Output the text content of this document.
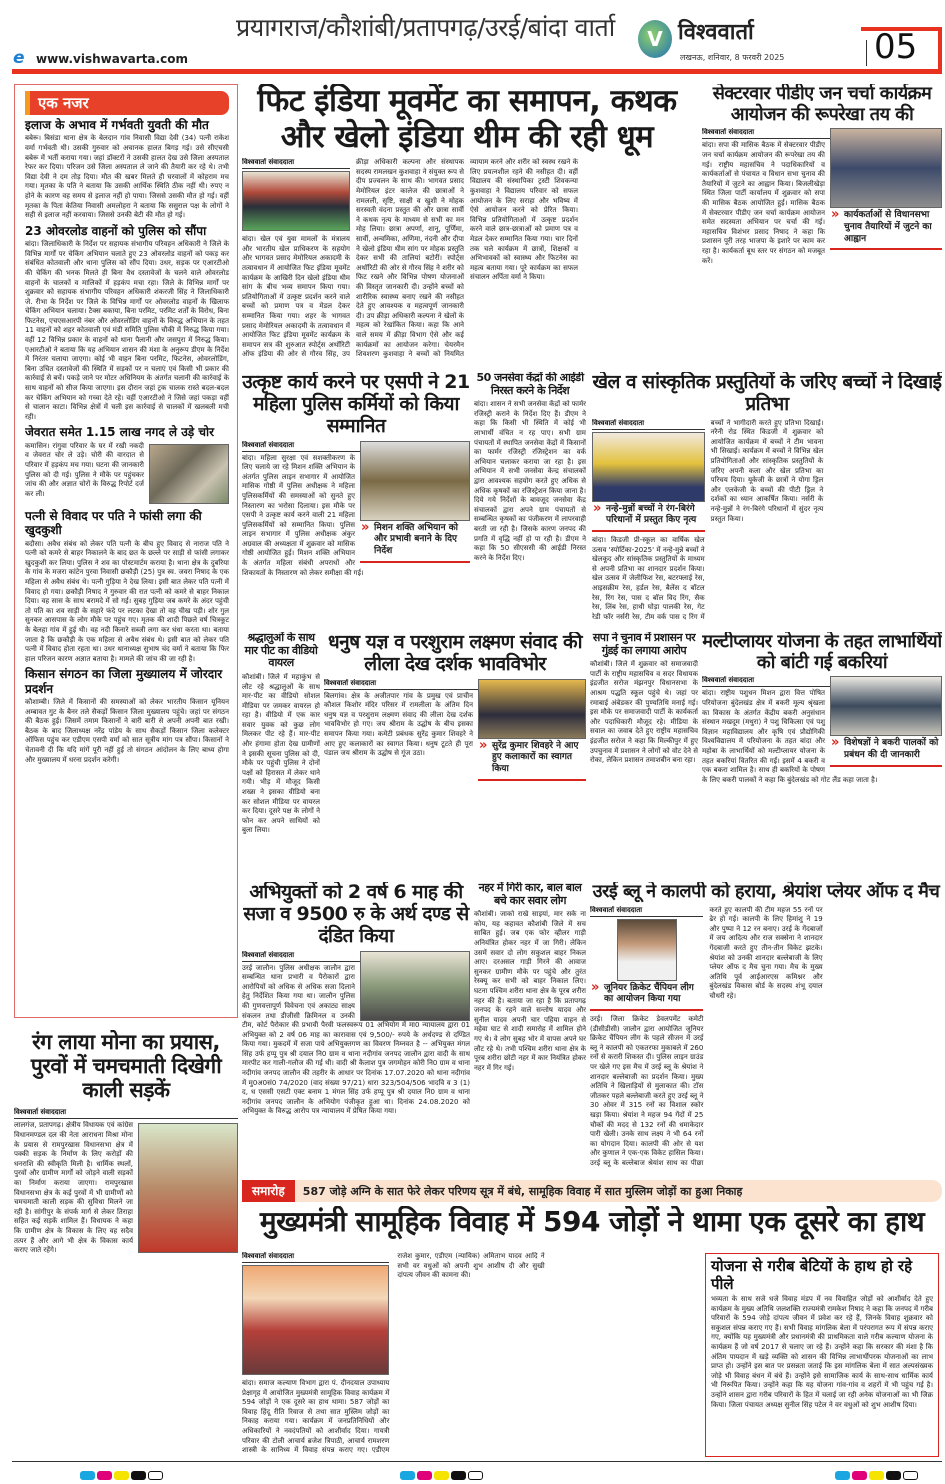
प्रयागराज/कौशांबी/प्रतापगढ़/उरई/बांदा वार्ता
e www.vishwavarta.com
V विश्ववार्ता
लखनऊ, शनिवार, 8 फरवरी 2025	05
एक नजर
इलाज के अभाव में गर्भवती युवती की मौत
बबेरू। बिसंडा थाना क्षेत्र के बेलदान गांव निवासी विद्या देवी (34) पत्नी राकेश वर्मा गर्भवती थी। उसकी गुरुवार को अचानक हालत बिगड़ गई। उसे सीएचसी बबेरू में भर्ती कराया गया। जहां डॉक्टरों ने उसकी हालत देख उसे जिला अस्पताल रेफर कर दिया। परिजन उसे जिला अस्पताल ले जाने की तैयारी कर रहे थे। तभी विद्या देवी ने दम तोड़ दिया। मौत की खबर मिलते ही घरवालों में कोहराम मच गया। मृतका के पति ने बताया कि उसकी आर्थिक स्थिति ठीक नहीं थी। रुपए न होने के कारण वह समय से इलाज नहीं हो पाया। जिससे उसकी मौत हो गई। वहीं मृतका के पिता केतिया निवासी अमलोहरा ने बताया कि ससुराल पक्ष के लोगों ने सही से इलाज नहीं करवाया। जिससे उनकी बेटी की मौत हो गई।
23 ओवरलोड वाहनों को पुलिस को सौंपा
बांदा। जिलाधिकारी के निर्देश पर सहायक संभागीय परिवहन अधिकारी ने जिले के विभिन्न मार्गों पर चेकिंग अभियान चलाते हुए 23 ओवरलोड वाहनों को पकड़ कर संबंधित कोतवाली और थाना पुलिस को सौंप दिया। उधर, सड़क पर एआरटीओ की चेकिंग की भनक मिलते ही बिना वैध दस्तावेजों के चलने वाले ओवरलोड वाहनों के चालकों व मालिकों में हड़कंप मचा रहा। जिले के विभिन्न मार्गों पर शुक्रवार को सहायक संभागीय परिवहन अधिकारी शंकरजी सिंह ने जिलाधिकारी जे. रीभा के निर्देश पर जिले के विभिन्न मार्गों पर ओवरलोड वाहनों के खिलाफ चेकिंग अभियान चलाया। टैक्स बकाया, बिना परमिट, परमिट शर्तों के विरोध, बिना फिटनेस, एचएसआरपी नंबर और ओवरलोडिंग वाहनों के विरुद्ध अभियान के तहत 11 वाहनों को शहर कोतवाली एवं मंडी समिति पुलिस चौकी में निरुद्ध किया गया। वहीं 12 विभिन्न प्रकार के वाहनों को थाना पैलानी और जसपुरा में निरुद्ध किया। एआरटीओ ने बताया कि यह अभियान शासन की मंशा के अनुरूप डीएम के निर्देश में निरंतर चलाया जाएगा। कोई भी वाहन बिना परमिट, फिटनेस, ओवरलोडिंग, बिना उचित दस्तावेजों की स्थिति में सड़कों पर न चलाएं एवं किसी भी प्रकार की कार्रवाई से बचें। पकड़े जाने पर मोटर अधिनियम के अंतर्गत चलानी की कार्रवाई के साथ वाहनों को सीज किया जाएगा। इस दौरान जहां ट्रक चालक रास्ते बदल-बदल कर चेकिंग अभियान को गच्चा देते रहे। वहीं एआरटीओ ने जिसे जहां पकड़ा वहीं से चालान काटा। विभिन्न क्षेत्रों में चली इस कार्रवाई से चालकों में खलबली मची रही।
जेवरात समेत 1.15 लाख नगद ले उड़े चोर
कमासिन। रांगुवा परिवार के घर में रखी नकदी व जेवरात चोर ले उड़े। चोरी की वारदात से परिवार में हड़कंप मच गया। घटना की जानकारी पुलिस को दी गई। पुलिस ने मौके पर पहुंचकर जांच की और अज्ञात चोरों के विरुद्ध रिपोर्ट दर्ज कर ली।
पत्नी से विवाद पर पति ने फांसी लगा की खुदकुशी
बदौसा। अवैध संबंध को लेकर पति पत्नी के बीच हुए विवाद से नाराज पति ने पत्नी को कमरे से बाहर निकालने के बाद छत के छल्ले पर साड़ी से फांसी लगाकर खुदकुशी कर लिया। पुलिस ने शव का पोस्टमार्टम कराया है। थाना क्षेत्र के दुबरिया के गांव के मजरा कांटेन पुरवा निवासी छकौड़ी (25) पुत्र स्व. जवरा निषाद के एक महिला से अवैध संबंध थे। पत्नी गुड़िया ने देख लिया। इसी बात लेकर पति पत्नी में विवाद हो गया। छकौड़ी निषाद ने गुरुवार की रात पत्नी को कमरे से बाहर निकाल दिया। वह सास के साथ बरामदे में सो गई। सुबह गुड़िया जब कमरे के अंदर पहुंची तो पति का शव साड़ी के सहारे फंदे पर लटका देखा तो वह चीख पड़ी। शोर गुल सुनकर आसपास के लोग मौके पर पहुंच गए। मृतक की शादी पिछले वर्ष चित्रकूट के बेलहा गांव में हुई थी। वह नदी किनारे सब्जी लगा कर धंधा करता था। बताया जाता है कि छकौड़ी के एक महिला से अवैध संबंध थे। इसी बात को लेकर पति पत्नी में विवाद होता रहता था। उधर थानाध्यक्ष सुभाष चंद वर्मा ने बताया कि फिर हाल परिजन कारण अज्ञात बताया है। मामले की जांच की जा रही है।
किसान संगठन का जिला मुख्यालय में जोरदार प्रदर्शन
कौशाम्बी। जिले में किसानों की समस्याओं को लेकर भारतीय किसान यूनियन अम्बावत गुट के बैनर तले सैकड़ों किसान जिला मुख्यालय पहुंचे। जहां पर संगठन की बैठक हुई। जिसमें तमाम किसानों ने बारी बारी से अपनी अपनी बात रखी। बैठक के बाद जिलाध्यक्ष नरेंद्र पांडेय के साथ सैकड़ों किसान जिला कलेक्टर ऑफिस पहुंच कर एडीएम एसपी वर्मा को सात सूत्रीय मांग पत्र सौंपा। किसानों ने चेतावनी दी कि यदि मांगें पूरी नहीं हुई तो संगठन आंदोलन के लिए बाध्य होगा और मुख्यालय में धरना प्रदर्शन करेगी।
रंग लाया मोना का प्रयास, पुरवों में चमचमाती दिखेगी काली सड़कें
विश्ववार्ता संवाददाता
लालगंज, प्रतापगढ़। क्षेत्रीय विधायक एवं कांग्रेस विधानमण्डल दल की नेता आराधना मिश्रा मोना के प्रयास से रामपुरखास विधानसभा क्षेत्र में पक्की सड़क के निर्माण के लिए करोड़ों की धनराशि की स्वीकृति मिली है। धार्मिक स्थलों, पुरवों और ग्रामीण मार्गों को जोड़ने वाली सड़कों का निर्माण कराया जाएगा। रामपुरखास विधानसभा क्षेत्र के कई पुरवों में भी ग्रामीणों को चमचमाती काली सड़क की सुविधा मिलने जा रही है। सांगीपुर के संपर्क मार्ग से लेकर तिराहा सहित कई सड़कें शामिल हैं। विधायक ने कहा कि ग्रामीण क्षेत्र के विकास के लिए वह सदैव तत्पर हैं और आगे भी क्षेत्र के विकास कार्य कराए जाते रहेंगे।
फिट इंडिया मूवमेंट का समापन, कथक और खेलो इंडिया थीम की रही धूम
विश्ववार्ता संवाददाता
बांदा। खेल एवं युवा मामलों के मंत्रालय और भारतीय खेल प्राधिकरण के सहयोग और भागवत प्रसाद मेमोरियल अकादमी के तत्वावधान में आयोजित फिट इंडिया मूवमेंट कार्यक्रम के आखिरी दिन खेलो इंडिया थीम सांग के बीच भव्य समापन किया गया। प्रतियोगिताओं में उत्कृष्ट प्रदर्शन करने वाले बच्चों को प्रमाण पत्र व मेडल देकर सम्मानित किया गया। शहर के भागवत प्रसाद मेमोरियल अकादमी के तत्वावधान में आयोजित फिट इंडिया मूवमेंट कार्यक्रम के समापन सत्र की शुरुआत स्पोर्ट्स अथॉरिटी ऑफ इंडिया की ओर से गौरव सिंह, उप क्रीड़ा अधिकारी कल्पना और संस्थापक सदस्य रामलखन कुशवाहा ने संयुक्त रूप से दीप प्रज्वलन के साथ की। भागवत प्रसाद मेमोरियल इंटर कालेज की छात्राओं ने रामलली, सृष्टि, साक्षी व खुशी ने मोहक सरस्वती वंदना प्रस्तुत की और छात्रा सार्वी ने कथक नृत्य के माध्यम से सभी का मन मोह लिया। छात्रा अपर्णा, शानू, पूर्णिमा, सार्वी, अन्वमिका, अणिमा, नंदनी और दीपा ने खेलो इंडिया थीम सांग पर मोहक प्रस्तुति देकर सभी की तालियां बटोरीं। स्पोर्ट्स अथॉरिटी की ओर से गौरव सिंह ने शरीर को फिट रखने और विभिन्न पोषण योजनाओं की विस्तृत जानकारी दी। उन्होंने बच्चों को शारीरिक स्वास्थ्य बनाए रखने की नसीहत देते हुए आवश्यक व महत्वपूर्ण जानकारी दी। उप क्रीड़ा अधिकारी कल्पना ने खेलों के महत्व को रेखांकित किया। कहा कि आने वाले समय में क्रीड़ा विभाग ऐसे और कई कार्यक्रमों का आयोजन करेगा। चेयरमैन शिवशरण कुशवाहा ने बच्चों को नियमित व्यायाम करने और शरीर को स्वस्थ रखने के लिए प्रयत्नशील रहने की नसीहत दी। वहीं विद्यालय की संस्थापिका ट्रस्टी शिवकन्या कुशवाहा ने विद्यालय परिवार को सफल आयोजन के लिए सराहा और भविष्य में ऐसे आयोजन करने को प्रेरित किया। विभिन्न प्रतियोगिताओं में उत्कृष्ट प्रदर्शन करने वाले छात्र-छात्राओं को प्रमाण पत्र व मेडल देकर सम्मानित किया गया। चार दिनों तक चले कार्यक्रम में छात्रों, शिक्षकों व अभिभावकों को स्वास्थ्य और फिटनेस का महत्व बताया गया। पूरे कार्यक्रम का सफल संचालन अर्पिता वर्मा ने किया।
सेक्टरवार पीडीए जन चर्चा कार्यक्रम आयोजन की रूपरेखा तय की
» कार्यकर्ताओं से विधानसभा चुनाव तैयारियों में जुटने का आह्वान
विश्ववार्ता संवाददाता
बांदा। सपा की मासिक बैठक में सेक्टरवार पीडीए जन चर्चा कार्यक्रम आयोजन की रूपरेखा तय की गई। राष्ट्रीय महासचिव ने पदाधिकारियों व कार्यकर्ताओं से पंचायत व विधान सभा चुनाव की तैयारियों में जुटने का आह्वान किया। बिजलीखेड़ा स्थित जिला पार्टी कार्यालय में शुक्रवार को सपा की मासिक बैठक आयोजित हुई। मासिक बैठक में सेक्टरवार पीडीए जन चर्चा कार्यक्रम आयोजन समेत सदस्यता अभियान पर चर्चा की गई। महासचिव विशंभर प्रसाद निषाद ने कहा कि प्रशासन पूरी तरह भाजपा के इशारे पर काम कर रहा है। कार्यकर्ता बूथ स्तर पर संगठन को मजबूत करें।
उत्कृष्ट कार्य करने पर एसपी ने 21 महिला पुलिस कर्मियों को किया सम्मानित
» मिशन शक्ति अभियान को और प्रभावी बनाने के दिए निर्देश
विश्ववार्ता संवाददाता
बांदा। महिला सुरक्षा एवं सशक्तीकरण के लिए चलाये जा रहे मिशन शक्ति अभियान के अंतर्गत पुलिस लाइन सभागार में आयोजित मासिक गोष्ठी में पुलिस अधीक्षक ने महिला पुलिसकर्मियों की समस्याओं को सुनते हुए निस्तारण का भरोसा दिलाया। इस मौके पर एसपी ने उत्कृष्ट कार्य करने वाली 21 महिला पुलिसकर्मियों को सम्मानित किया। पुलिस लाइन सभागार में पुलिस अधीक्षक अंकुर अग्रवाल की अध्यक्षता में शुक्रवार को मासिक गोष्ठी आयोजित हुई। मिशन शक्ति अभियान के अंतर्गत महिला संबंधी अपराधों और शिकायतों के निस्तारण को लेकर समीक्षा की गई।
50 जनसेवा केंद्रों की आईडी निरस्त करने के निर्देश
बांदा। शासन ने सभी जनसेवा केंद्रों को फार्मर रजिस्ट्री कराने के निर्देश दिए हैं। डीएम ने कहा कि किसी भी स्थिति में कोई भी लाभार्थी वंचित न रह पाए। सभी ग्राम पंचायतों में स्थापित जनसेवा केंद्रों में किसानों का फार्मर रजिस्ट्री रजिस्ट्रेशन का वर्क अभियान चलाकर कराया जा रहा है। इस अभियान में सभी जनसेवा केन्द्र संचालकों द्वारा आवश्यक सहयोग करते हुए अधिक से अधिक कृषकों का रजिस्ट्रेशन किया जाना है। दिये गये निर्देशों के बावजूद जनसेवा केंद्र संचालकों द्वारा अपने ग्राम पंचायतों से सम्बन्धित कृषकों का पंजीकरण में लापरवाही बरती जा रही है। जिसके कारण जनपद की प्रगति में वृद्धि नहीं हो पा रही है। डीएम ने कहा कि 50 सीएससी की आईडी निरस्त करने के निर्देश दिए।
खेल व सांस्कृतिक प्रस्तुतियों के जरिए बच्चों ने दिखाई प्रतिभा
विश्ववार्ता संवाददाता
» नन्हे-मुन्नों बच्चों ने रंग-बिरंगे परिधानों में प्रस्तुत किए नृत्य
बांदा। किडजी प्री-स्कूल का वार्षिक खेल उत्सव 'स्पोर्टिका-2025' में नन्हे-मुन्ने बच्चों ने खेलकूद और सांस्कृतिक प्रस्तुतियों के माध्यम से अपनी प्रतिभा का शानदार प्रदर्शन किया। खेल उत्सव में जेलीफिश रेस, बटरफ्लाई रेस, आइसक्रीम रेस, हर्डल रेस, बैलेंस द बॉटल रेस, रिंग रेस, पास द बॉल विद रिंग, सैक रेस, लिंब रेस, हाथी घोड़ा पालकी रेस, गेट रेडी फॉर नर्सरी रेस, टीम वर्क पास द रिंग में बच्चों ने भागीदारी करते हुए प्रतिभा दिखाई। नरैनी रोड स्थित किडजी में शुक्रवार को आयोजित कार्यक्रम में बच्चों ने टीम भावना भी सिखाई। कार्यक्रम में बच्चों ने विभिन्न खेल प्रतियोगिताओं और सांस्कृतिक प्रस्तुतियों के जरिए अपनी कला और खेल प्रतिभा का परिचय दिया। यूकेजी के छात्रों ने योगा ड्रिल और एलकेजी के बच्चों की पीटी ड्रिल ने दर्शकों का ध्यान आकर्षित किया। नर्सरी के नन्हे-मुन्नों ने रंग-बिरंगे परिधानों में सुंदर नृत्य प्रस्तुत किया।
श्रद्धालुओं के साथ मार पीट का वीडियो वायरल
कौशांबी। जिले में महाकुंभ से लौट रहे श्रद्धालुओं के साथ मार-पीट का वीडियो सोशल मीडिया पर जमकर वायरल हो रहा है। वीडियो में एक कार सवार युवक को कुछ लोग मिलकर पीट रहे हैं। मार-पीट और हंगामा होता देख ग्रामीणों ने इसकी सूचना पुलिस को दी, मौके पर पहुंची पुलिस ने दोनों पक्षों को हिरासत में लेकर थाने गयी। भीड़ में मौजूद किसी शख्स ने इसका वीडियो बना कर सोशल मीडिया पर वायरल कर दिया। दूसरे पक्ष के लोगों ने फोन कर अपने साथियों को बुला लिया।
धनुष यज्ञ व परशुराम लक्ष्मण संवाद की लीला देख दर्शक भावविभोर
» सुरेंद्र कुमार शिवहरे ने आए हुए कलाकारों का स्वागत किया
विश्ववार्ता संवाददाता
बिलगांव। क्षेत्र के अजीतपार गांव के प्रमुख एवं प्राचीन कौशल किशोर मंदिर परिसर में रामलीला के अंतिम दिन धनुष यज्ञ व परशुराम लक्ष्मण संवाद की लीला देख दर्शक भावविभोर हो गए। जय श्रीराम के उद्घोष के बीच इसका समापन किया गया। कमेटी प्रबंधक सुरेंद्र कुमार शिवहरे ने आए हुए कलाकारों का स्वागत किया। धनुष टूटते ही पूरा पंडाल जय श्रीराम के उद्घोष से गूंज उठा।
सपा ने चुनाव में प्रशासन पर गुंडई का लगाया आरोप
कौशांबी। जिले में शुक्रवार को समाजवादी पार्टी के राष्ट्रीय महासचिव व सदर विधायक इंद्रजीत सरोज मंझनपुर विधानसभा के आश्रम पद्धति स्कूल पहुंचे थे। जहां पर रमाबाई अंबेडकर की पुण्यतिथि मनाई गई। इस मौके पर समाजवादी पार्टी के कार्यकर्ता और पदाधिकारी मौजूद रहे। मीडिया के सवाल का जवाब देते हुए राष्ट्रीय महासचिव इंद्रजीत सरोज ने कहा कि मिल्कीपुर में हुए उपचुनाव में प्रशासन ने लोगों को वोट देने से रोका, लेकिन प्रशासन तमाशबीन बना रहा।
मल्टीप्लायर योजना के तहत लाभार्थियों को बांटी गई बकरियां
» विशेषज्ञों ने बकरी पालकों को प्रबंधन की दी जानकारी
विश्ववार्ता संवाददाता
बांदा। राष्ट्रीय पशुधन मिशन द्वारा वित्त पोषित परियोजना बुंदेलखंड क्षेत्र में बकरी मूल्य श्रृंखला का विकास के अंतर्गत केंद्रीय बकरी अनुसंधान संस्थान मखदूम (मथुरा) ने पशु चिकित्सा एवं पशु विज्ञान महाविद्यालय और कृषि एवं प्रौद्योगिकी विश्वविद्यालय में परियोजना के तहत बांदा और महोबा के लाभार्थियों को मल्टीप्लायर योजना के तहत बकरियां वितरित की गईं। इसमें 4 बकरी व एक बकरा शामिल है। साथ ही बकरियों के पोषण के लिए बकरी पालकों ने कहा कि बुंदेलखंड को गोट लैंड कहा जाता है।
अभियुक्तों को 2 वर्ष 6 माह की सजा व 9500 रु के अर्थ दण्ड से दंडित किया
विश्ववार्ता संवाददाता
उरई जालौन। पुलिस अधीक्षक जालौन द्वारा सम्बन्धित थाना प्रभारी व पैरोकारों द्वारा आरोपियों को अधिक से अधिक सजा दिलाने हेतु निर्देशित किया गया था। जालौन पुलिस की गुणवत्तापूर्ण विवेचना एवं अकाट्य साक्ष्य संकलन तथा डीजीसी क्रिमिनल व उनकी टीम, कोर्ट पैरोकार की प्रभावी पैरवी फलस्वरूप 01 अभियोग में मा0 न्यायालय द्वारा 01 अभियुक्त को 2 वर्ष 06 माह का कारावास एवं 9,500/- रुपये के अर्थदण्ड से दण्डित किया गया। मुकदमें में सजा पाये अभियुक्तगण का विवरण निम्नवत है -- अभियुक्त मंगल सिंह उर्फ हप्पू पुत्र श्री दयाल नि0 ग्राम व थाना नदीगांव जनपद जालौन द्वारा वादी के साथ मारपीट कर गाली-गलौज की गई थी। वादी श्री कैलाश पुत्र जगमोहन कोरी नि0 ग्राम व थाना नदीगांव जनपद जालौन की तहरीर के आधार पर दिनांक 17.07.2020 को थाना नदीगांव में मु0अ0सं0 74/2020 (वाद संख्या 97/21) धारा 323/504/506 भादवि व 3 (1) द, ध एससी एसटी एक्ट बनाम 1 मंगल सिंह उर्फ हप्पू पुत्र श्री दयाल नि0 ग्राम व थाना नदीगांव जनपद जालौन के अभियोग पंजीकृत हुआ था। दिनांक 24.08.2020 को अभियुक्त के विरुद्ध आरोप पत्र न्यायालय में प्रेषित किया गया।
नहर में गिरी कार, बाल बाल बचे कार सवार लोग
कौशांबी। जाको राखे साइयां, मार सके ना कोय, यह कहावत कौशांबी जिले में सच साबित हुई। जब एक फोर व्हीलर गाड़ी अनियंत्रित होकर नहर में जा गिरी। लेकिन उसमें सवार दो लोग सकुशल बाहर निकल आए। दरअसल गाड़ी गिरने की आवाज सुनकर ग्रामीण मौके पर पहुंचे और तुरंत रेस्क्यू कर सभी को बाहर निकाल लिए। घटना पश्चिम शरीरा थाना क्षेत्र के पूरब शरीरा नहर की है। बताया जा रहा है कि प्रतापगढ़ जनपद के रहने वाले सन्तोष यादव और सुनील यादव अपनी चार पहिया वाहन से महेवा घाट से शादी समारोह में शामिल होने गए थे। वे लोग सुबह भोर में वापस अपने घर लौट रहे थे। तभी पश्चिम शरीरा थाना क्षेत्र के पूरब शरीरा छोटी नहर में कार नियंत्रित होकर नहर में गिर गई।
उरई ब्लू ने कालपी को हराया, श्रेयांश प्लेयर ऑफ द मैच
विश्ववार्ता संवाददाता
» जूनियर क्रिकेट चैंपियन लीग का आयोजन किया गया
उरई। जिला क्रिकेट डेवलपमेंट कमेटी (डीसीडीसी) जालौन द्वारा आयोजित जूनियर क्रिकेट चैंपियन लीग के पहले सीजन में उरई ब्लू ने कालपी को एकतरफा मुकाबले में 260 रनों से करारी शिकस्त दी। पुलिस लाइन ग्राउंड पर खेले गए इस मैच में उरई ब्लू के श्रेयांश ने शानदार बल्लेबाजी का प्रदर्शन किया। मुख्य अतिथि ने खिलाड़ियों से मुलाकात की। टॉस जीतकर पहले बल्लेबाजी करते हुए उरई ब्लू ने 30 ओवर में 315 रनों का विशाल स्कोर खड़ा किया। श्रेयांश ने महज 94 गेंदों में 25 चौकों की मदद से 132 रनों की धमाकेदार पारी खेली। उनके साथ लक्ष्य ने भी 64 रनों का योगदान दिया। कालपी की ओर से यश और कुणाल ने एक-एक विकेट हासिल किया। उरई ब्लू के बल्लेबाज श्रेयांश साथ का पीछा करते हुए कालपी की टीम महज 55 रनों पर ढेर हो गई। कालपी के लिए हिमांशु ने 19 और पुष्पा ने 12 रन बनाए। उरई के गेंदबाजों में जय आदित्य और राज सक्सेना ने शानदार गेंदबाजी करते हुए तीन-तीन विकेट झटके। श्रेयांश को उनकी शानदार बल्लेबाजी के लिए प्लेयर ऑफ द मैच चुना गया। मैच के मुख्य अतिथि पूर्व आईआरएस कमिश्नर और बुंदेलखंड विकास बोर्ड के सदस्य शंभू दयाल चौधरी रहे।
समारोह	587 जोड़े अग्नि के सात फेरे लेकर परिणय सूत्र में बंधे, सामूहिक विवाह में सात मुस्लिम जोड़ों का हुआ निकाह
मुख्यमंत्री सामूहिक विवाह में 594 जोड़ों ने थामा एक दूसरे का हाथ
विश्ववार्ता संवाददाता
बांदा। समाज कल्याण विभाग द्वारा पं. दीनदयाल उपाध्याय प्रेक्षागृह में आयोजित मुख्यमंत्री सामूहिक विवाह कार्यक्रम में 594 जोड़ों ने एक दूसरे का हाथ थामा। 587 जोड़ों का विवाह हिंदू रीति रिवाज से तथा सात मुस्लिम जोड़ों का निकाह कराया गया। कार्यक्रम में जनप्रतिनिधियों और अधिकारियों ने नवदंपतियों को आशीर्वाद दिया। गायत्री परिवार की टोली आचार्य ब्रजेश त्रिपाठी, आचार्य रामशरण शास्त्री के सानिध्य में विवाह संपन्न कराए गए। एडीएम राजेश कुमार, एडीएम (न्यायिक) अमिताभ यादव आदि ने सभी वर वधुओं को अपनी शुभ आशीष दी और सुखी दांपत्य जीवन की कामना की।
योजना से गरीब बेटियों के हाथ हो रहे पीले
भव्यता के साथ सजे धजे विवाह मंडप में नव विवाहित जोड़ों को आशीर्वाद देते हुए कार्यक्रम के मुख्य अतिथि जलशक्ति राज्यमंत्री रामकेश निषाद ने कहा कि जनपद में गरीब परिवारों के 594 जोड़े दांपत्य जीवन में प्रवेश कर रहे हैं, जिनके विवाह शुक्रवार को सकुशल संपन्न कराए गए हैं। सभी विवाह मांगलिक बेला में परंपरागत रूप में संपन्न कराए गए, क्योंकि यह मुख्यमंत्री और प्रधानमंत्री की प्राथमिकता वाले गरीब कल्याण योजना के कार्यक्रम हैं जो वर्ष 2017 से चलाए जा रहे हैं। उन्होंने कहा कि सरकार की मंशा है कि अंतिम पायदान में खड़े व्यक्ति को शासन की विभिन्न लाभार्थीपरक योजनाओं का लाभ प्राप्त हो। उन्होंने इस बात पर प्रसन्नता जताई कि इस मांगलिक बेला में सात अल्पसंख्यक जोड़े भी विवाह बंधन में बंधे हैं। उन्होंने इसे सामाजिक कार्य के साथ-साथ धार्मिक कार्य भी निरूपित किया। उन्होंने कहा कि यह योजना गांव-गांव व शहरों में भी पहुंच गई है। उन्होंने शासन द्वारा गरीब परिवारों के हित में चलाई जा रही अनेक योजनाओं का भी जिक्र किया। जिला पंचायत अध्यक्ष सुनील सिंह पटेल ने वर वधुओं को शुभ आशीष दिया।
